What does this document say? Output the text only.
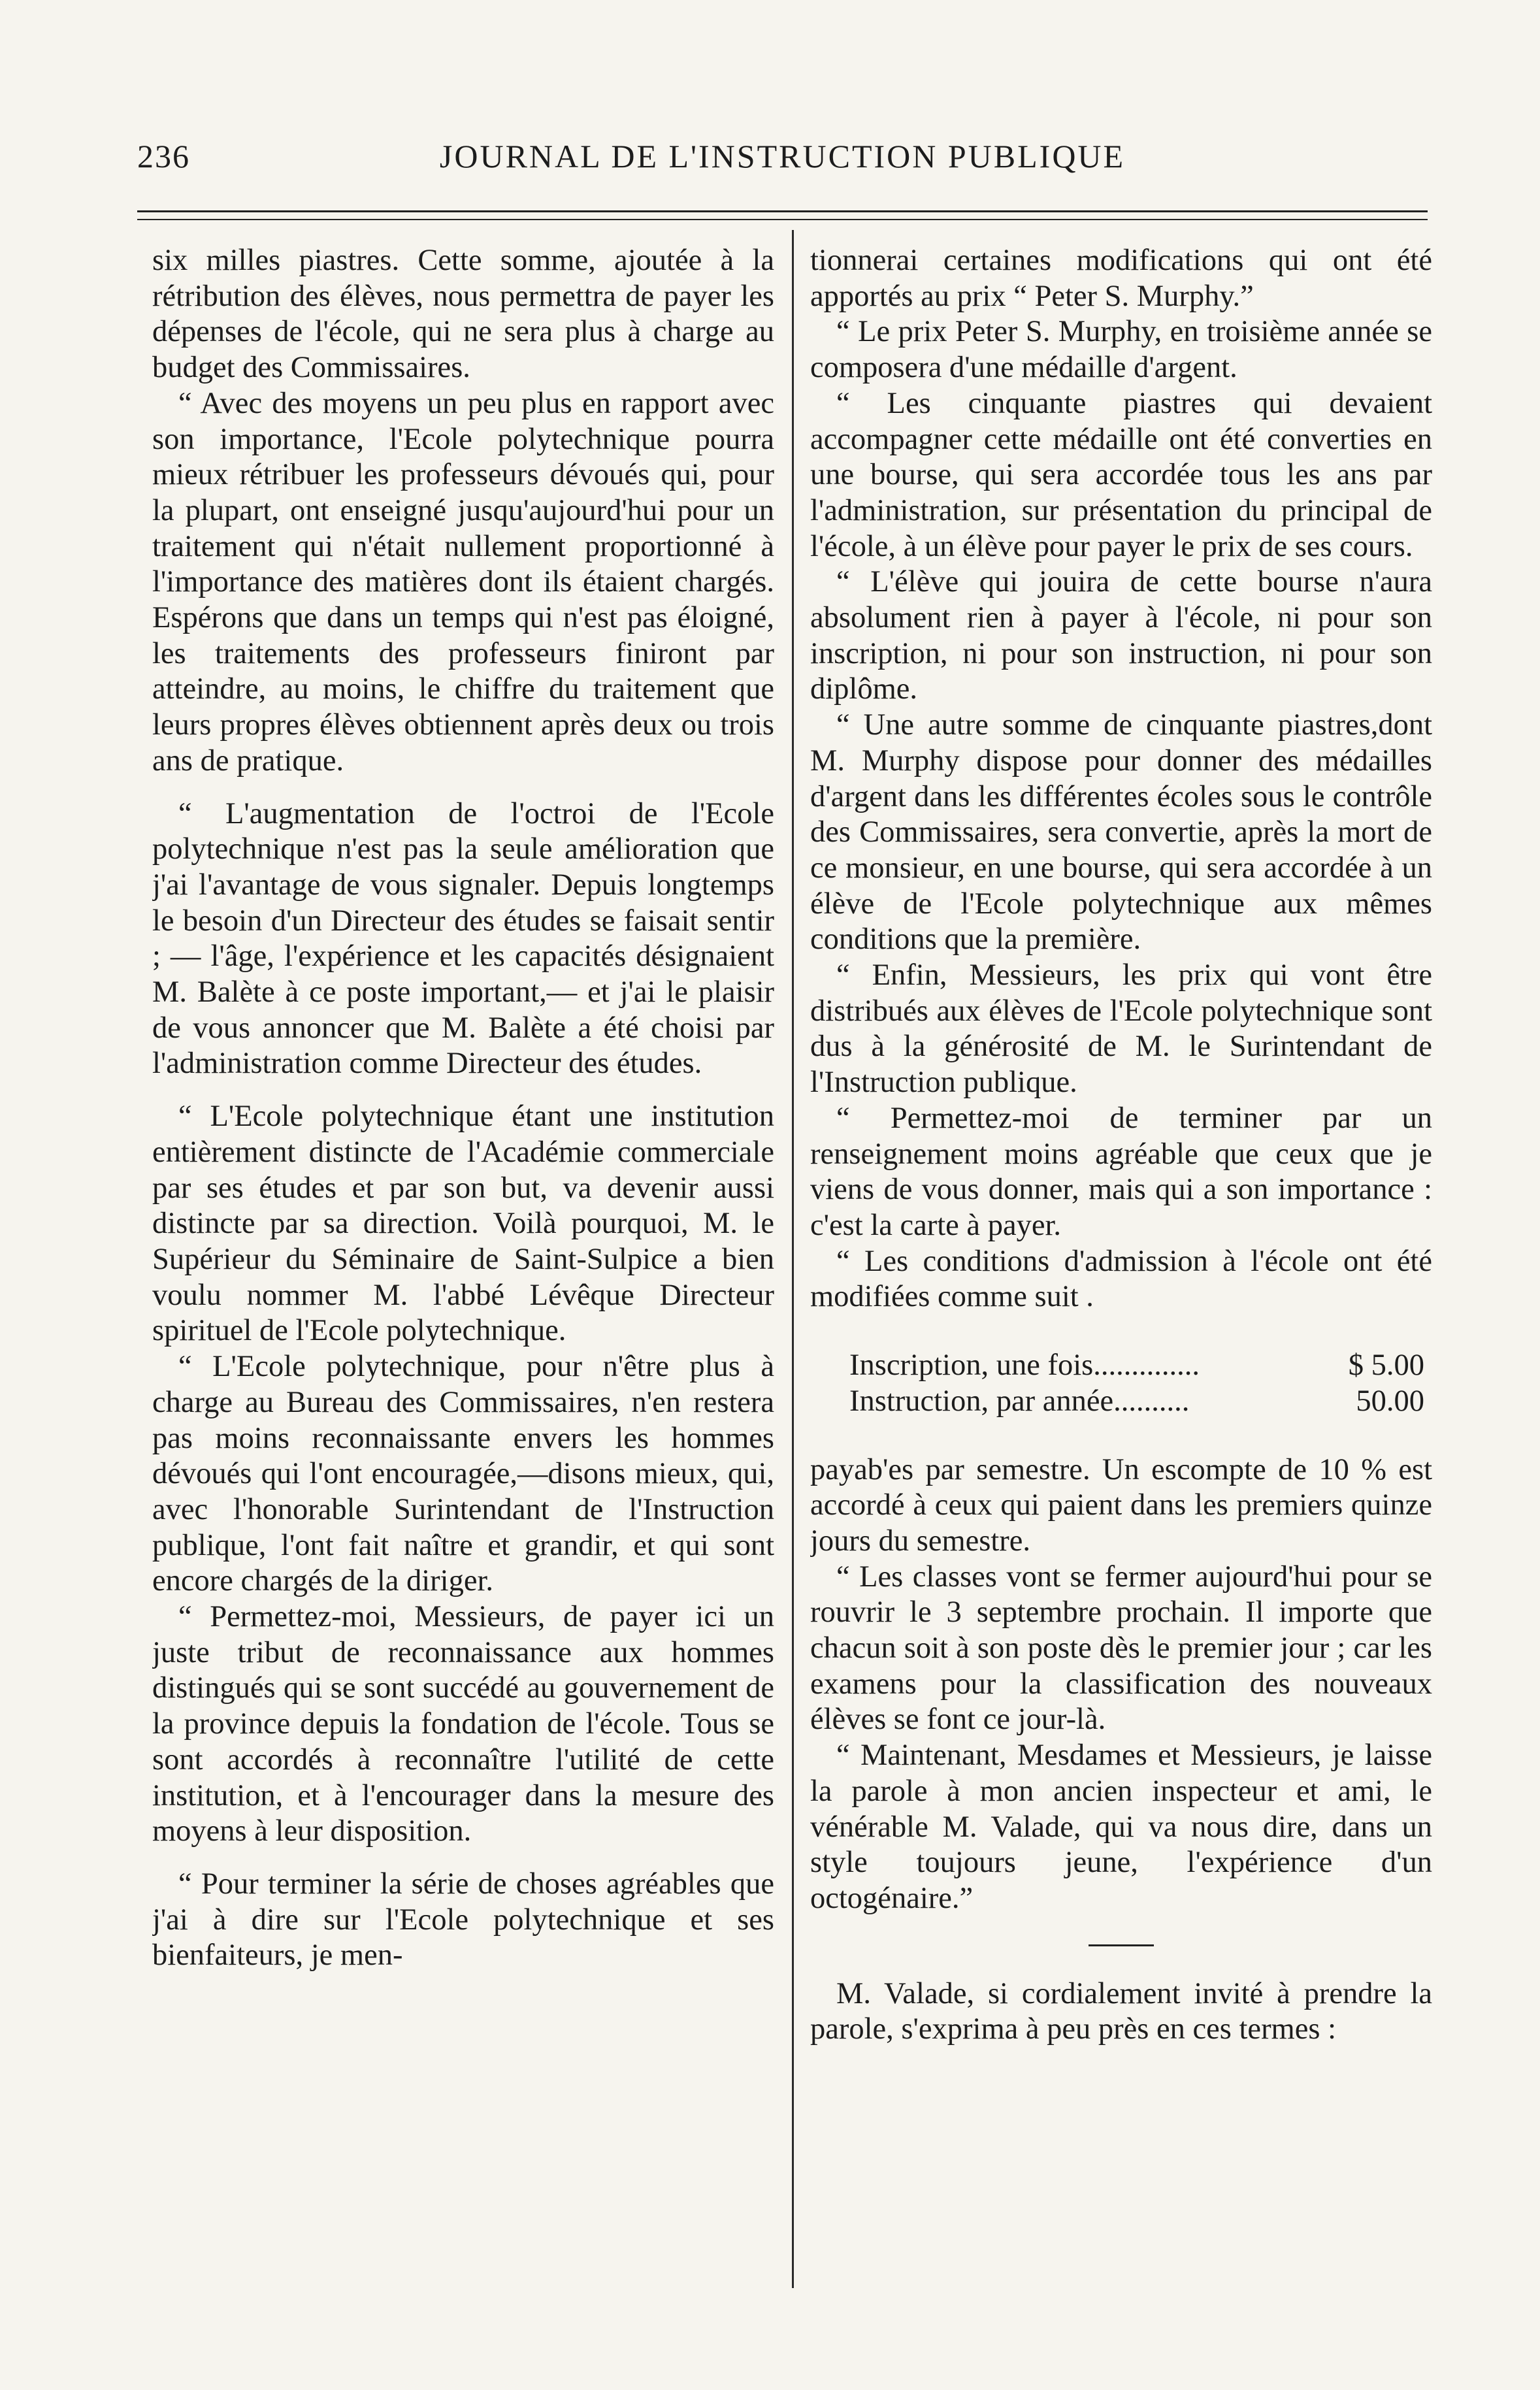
236	JOURNAL DE L'INSTRUCTION PUBLIQUE

six milles piastres. Cette somme, ajoutée à la rétribution des élèves, nous permettra de payer les dépenses de l'école, qui ne sera plus à charge au budget des Commissaires.

“ Avec des moyens un peu plus en rapport avec son importance, l'Ecole polytechnique pourra mieux rétribuer les professeurs dévoués qui, pour la plupart, ont enseigné jusqu'aujourd'hui pour un traitement qui n'était nullement proportionné à l'importance des matières dont ils étaient chargés. Espérons que dans un temps qui n'est pas éloigné, les traitements des professeurs finiront par atteindre, au moins, le chiffre du traitement que leurs propres élèves obtiennent après deux ou trois ans de pratique.

“ L'augmentation de l'octroi de l'Ecole polytechnique n'est pas la seule amélioration que j'ai l'avantage de vous signaler. Depuis longtemps le besoin d'un Directeur des études se faisait sentir ; — l'âge, l'expérience et les capacités désignaient M. Balète à ce poste important,— et j'ai le plaisir de vous annoncer que M. Balète a été choisi par l'administration comme Directeur des études.

“ L'Ecole polytechnique étant une institution entièrement distincte de l'Académie commerciale par ses études et par son but, va devenir aussi distincte par sa direction. Voilà pourquoi, M. le Supérieur du Séminaire de Saint-Sulpice a bien voulu nommer M. l'abbé Lévêque Directeur spirituel de l'Ecole polytechnique.

“ L'Ecole polytechnique, pour n'être plus à charge au Bureau des Commissaires, n'en restera pas moins reconnaissante envers les hommes dévoués qui l'ont encouragée,—disons mieux, qui, avec l'honorable Surintendant de l'Instruction publique, l'ont fait naître et grandir, et qui sont encore chargés de la diriger.

“ Permettez-moi, Messieurs, de payer ici un juste tribut de reconnaissance aux hommes distingués qui se sont succédé au gouvernement de la province depuis la fondation de l'école. Tous se sont accordés à reconnaître l'utilité de cette institution, et à l'encourager dans la mesure des moyens à leur disposition.

“ Pour terminer la série de choses agréables que j'ai à dire sur l'Ecole polytechnique et ses bienfaiteurs, je men-

tionnerai certaines modifications qui ont été apportés au prix “ Peter S. Murphy.”

“ Le prix Peter S. Murphy, en troisième année se composera d'une médaille d'argent.

“ Les cinquante piastres qui devaient accompagner cette médaille ont été converties en une bourse, qui sera accordée tous les ans par l'administration, sur présentation du principal de l'école, à un élève pour payer le prix de ses cours.

“ L'élève qui jouira de cette bourse n'aura absolument rien à payer à l'école, ni pour son inscription, ni pour son instruction, ni pour son diplôme.

“ Une autre somme de cinquante piastres,dont M. Murphy dispose pour donner des médailles d'argent dans les différentes écoles sous le contrôle des Commissaires, sera convertie, après la mort de ce monsieur, en une bourse, qui sera accordée à un élève de l'Ecole polytechnique aux mêmes conditions que la première.

“ Enfin, Messieurs, les prix qui vont être distribués aux élèves de l'Ecole polytechnique sont dus à la générosité de M. le Surintendant de l'Instruction publique.

“ Permettez-moi de terminer par un renseignement moins agréable que ceux que je viens de vous donner, mais qui a son importance : c'est la carte à payer.

“ Les conditions d'admission à l'école ont été modifiées comme suit .

Inscription, une fois..............	$ 5.00
Instruction, par année..........	50.00

payab'es par semestre. Un escompte de 10 % est accordé à ceux qui paient dans les premiers quinze jours du semestre.

“ Les classes vont se fermer aujourd'hui pour se rouvrir le 3 septembre prochain. Il importe que chacun soit à son poste dès le premier jour ; car les examens pour la classification des nouveaux élèves se font ce jour-là.

“ Maintenant, Mesdames et Messieurs, je laisse la parole à mon ancien inspecteur et ami, le vénérable M. Valade, qui va nous dire, dans un style toujours jeune, l'expérience d'un octogénaire.”

M. Valade, si cordialement invité à prendre la parole, s'exprima à peu près en ces termes :
